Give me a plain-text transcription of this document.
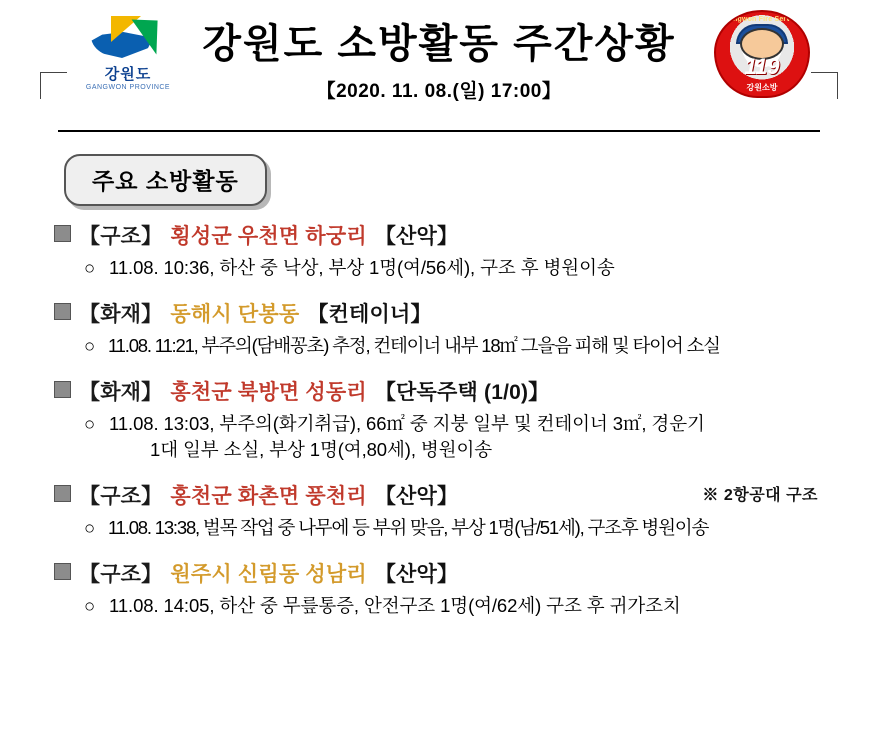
강원도
GANGWON PROVINCE
강원도 소방활동 주간상황
【2020. 11. 08.(일) 17:00】
Gangwon Fire Service
119
강원소방
주요 소방활동
【구조】 횡성군 우천면 하궁리 【산악】
○ 11.08. 10:36, 하산 중 낙상, 부상 1명(여/56세), 구조 후 병원이송
【화재】 동해시 단봉동 【컨테이너】
○ 11.08. 11:21, 부주의(담배꽁초) 추정, 컨테이너 내부 18㎡ 그을음 피해 및 타이어 소실
【화재】 홍천군 북방면 성동리 【단독주택 (1/0)】
○ 11.08. 13:03, 부주의(화기취급), 66㎡ 중 지붕 일부 및 컨테이너 3㎡, 경운기
1대 일부 소실, 부상 1명(여,80세), 병원이송
【구조】 홍천군 화촌면 풍천리 【산악】	※ 2항공대 구조
○ 11.08. 13:38, 벌목 작업 중 나무에 등 부위 맞음, 부상 1명(남/51세), 구조후 병원이송
【구조】 원주시 신림동 성남리 【산악】
○ 11.08. 14:05, 하산 중 무릎통증, 안전구조 1명(여/62세) 구조 후 귀가조치
